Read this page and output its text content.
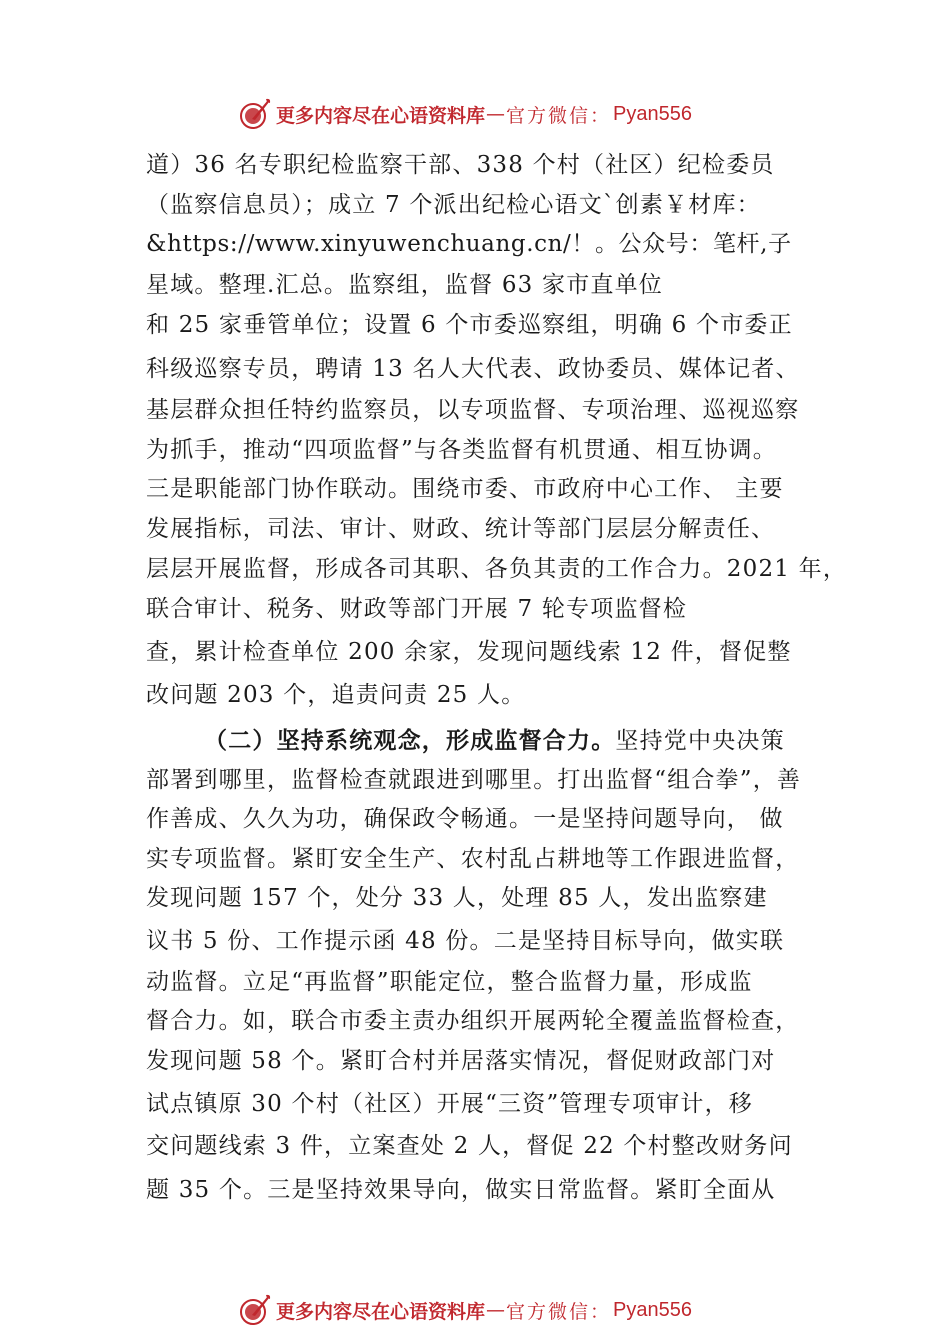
更多内容尽在心语资料库 — 官方微信： Pyan556
道）36 名专职纪检监察干部、338 个村（社区）纪检委员
（监察信息员）；成立 7 个派出纪检心语文`创素￥材库：
&https://www.xinyuwenchuang.cn/！。公众号：笔杆,子
星域。整理.汇总。监察组，监督 63 家市直单位
和 25 家垂管单位；设置 6 个市委巡察组，明确 6 个市委正
科级巡察专员，聘请 13 名人大代表、政协委员、媒体记者、
基层群众担任特约监察员，以专项监督、专项治理、巡视巡察
为抓手，推动“四项监督”与各类监督有机贯通、相互协调。
三是职能部门协作联动。围绕市委、市政府中心工作、 主要
发展指标，司法、审计、财政、统计等部门层层分解责任、
层层开展监督，形成各司其职、各负其责的工作合力。2021 年，
联合审计、税务、财政等部门开展 7 轮专项监督检
查，累计检查单位 200 余家，发现问题线索 12 件，督促整
改问题 203 个，追责问责 25 人。
（二）坚持系统观念，形成监督合力。坚持党中央决策
部署到哪里，监督检查就跟进到哪里。打出监督“组合拳”，善
作善成、久久为功，确保政令畅通。一是坚持问题导向， 做
实专项监督。紧盯安全生产、农村乱占耕地等工作跟进监督，
发现问题 157 个，处分 33 人，处理 85 人，发出监察建
议书 5 份、工作提示函 48 份。二是坚持目标导向，做实联
动监督。立足“再监督”职能定位，整合监督力量，形成监
督合力。如，联合市委主责办组织开展两轮全覆盖监督检查，
发现问题 58 个。紧盯合村并居落实情况，督促财政部门对
试点镇原 30 个村（社区）开展“三资”管理专项审计，移
交问题线索 3 件，立案查处 2 人，督促 22 个村整改财务问
题 35 个。三是坚持效果导向，做实日常监督。紧盯全面从
更多内容尽在心语资料库 — 官方微信： Pyan556
